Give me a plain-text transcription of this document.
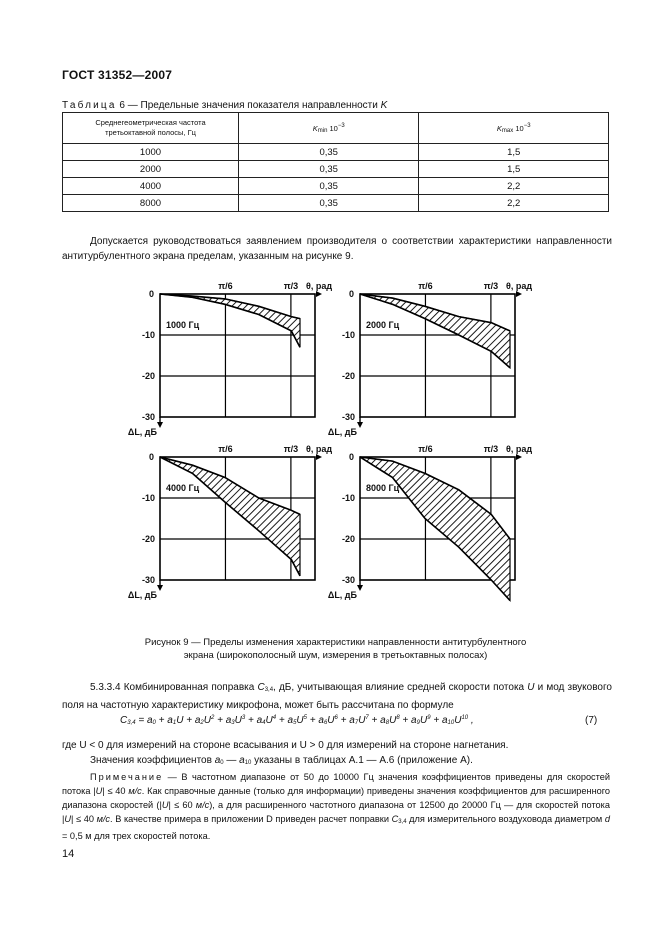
ГОСТ 31352—2007
Таблица 6 — Предельные значения показателя направленности K
Среднегеометрическая частота
третьоктавной полосы, Гц	Kmin $10^{-3}$	Kmax $10^{-3}$
1000	0,35	1,5
2000	0,35	1,5
4000	0,35	2,2
8000	0,35	2,2
Допускается руководствоваться заявлением производителя о соответствии характеристики направленности антитурбулентного экрана пределам, указанным на рисунке 9.
π/6	π/3 θ, рад
0
-10
-20
-30
ΔL, дБ
1000 Гц
π/6	π/3 θ, рад
0
-10
-20
-30
ΔL, дБ
2000 Гц
π/6	π/3 θ, рад
0
-10
-20
-30
ΔL, дБ
4000 Гц
π/6	π/3 θ, рад
0
-10
-20
-30
ΔL, дБ
8000 Гц
Рисунок 9 — Пределы изменения характеристики направленности антитурбулентного
экрана (широкополосный шум, измерения в третьоктавных полосах)
5.3.3.4 Комбинированная поправка C3,4, дБ, учитывающая влияние средней скорости потока U и мод звукового поля на частотную характеристику микрофона, может быть рассчитана по формуле
$C3,4 = a0 + a1U + a2U^2 + a3U^3 + a4U^4 + a5U^5 + a6U^6 + a7U^7 + a8U^8 + a9U^9 + a10U^{10}$ ,	(7)
где U < 0 для измерений на стороне всасывания и U > 0 для измерений на стороне нагнетания.
Значения коэффициентов a0 — a10 указаны в таблицах А.1 — А.6 (приложение А).
Примечание — В частотном диапазоне от 50 до 10000 Гц значения коэффициентов приведены для скоростей потока |U| ≤ 40 м/с. Как справочные данные (только для информации) приведены значения коэффициентов для расширенного диапазона скоростей (|U| ≤ 60 м/с), а для расширенного частотного диапазона от 12500 до 20000 Гц — для скоростей потока |U| ≤ 40 м/с. В качестве примера в приложении D приведен расчет поправки C3,4 для измерительного воздуховода диаметром d = 0,5 м для трех скоростей потока.
14
